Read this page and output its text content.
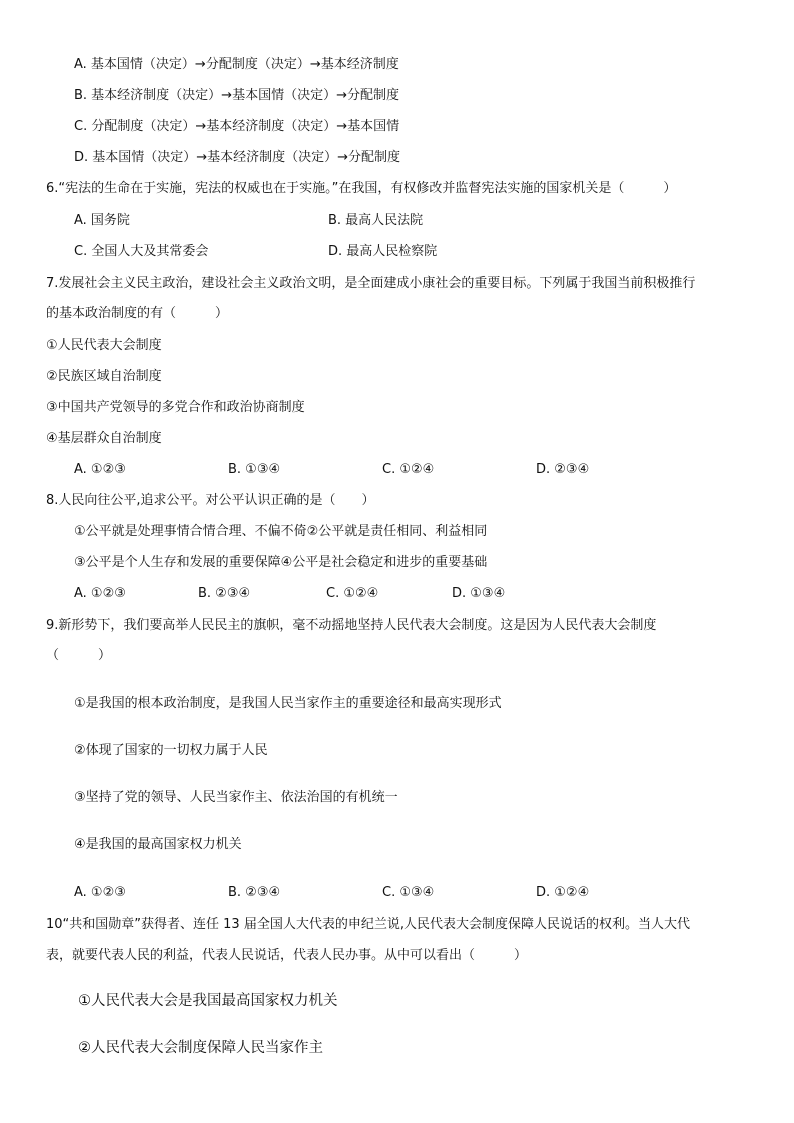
A. 基本国情（决定）→分配制度（决定）→基本经济制度
B. 基本经济制度（决定）→基本国情（决定）→分配制度
C. 分配制度（决定）→基本经济制度（决定）→基本国情
D. 基本国情（决定）→基本经济制度（决定）→分配制度
6.“宪法的生命在于实施，宪法的权威也在于实施。”在我国，有权修改并监督宪法实施的国家机关是（　　　）
A. 国务院	B. 最高人民法院
C. 全国人大及其常委会	D. 最高人民检察院
7.发展社会主义民主政治，建设社会主义政治文明，是全面建成小康社会的重要目标。下列属于我国当前积极推行
的基本政治制度的有（　　　）
①人民代表大会制度
②民族区域自治制度
③中国共产党领导的多党合作和政治协商制度
④基层群众自治制度
A. ①②③	B. ①③④	C. ①②④	D. ②③④
8.人民向往公平,追求公平。对公平认识正确的是（　　）
①公平就是处理事情合情合理、不偏不倚②公平就是责任相同、利益相同
③公平是个人生存和发展的重要保障④公平是社会稳定和进步的重要基础
A. ①②③	B. ②③④	C. ①②④	D. ①③④
9.新形势下，我们要高举人民民主的旗帜，毫不动摇地坚持人民代表大会制度。这是因为人民代表大会制度
（　　　）
①是我国的根本政治制度，是我国人民当家作主的重要途径和最高实现形式
②体现了国家的一切权力属于人民
③坚持了党的领导、人民当家作主、依法治国的有机统一
④是我国的最高国家权力机关
A. ①②③	B. ②③④	C. ①③④	D. ①②④
10“共和国勋章”获得者、连任 13 届全国人大代表的申纪兰说,人民代表大会制度保障人民说话的权利。当人大代
表，就要代表人民的利益，代表人民说话，代表人民办事。从中可以看出（　　　）
①人民代表大会是我国最高国家权力机关
②人民代表大会制度保障人民当家作主
